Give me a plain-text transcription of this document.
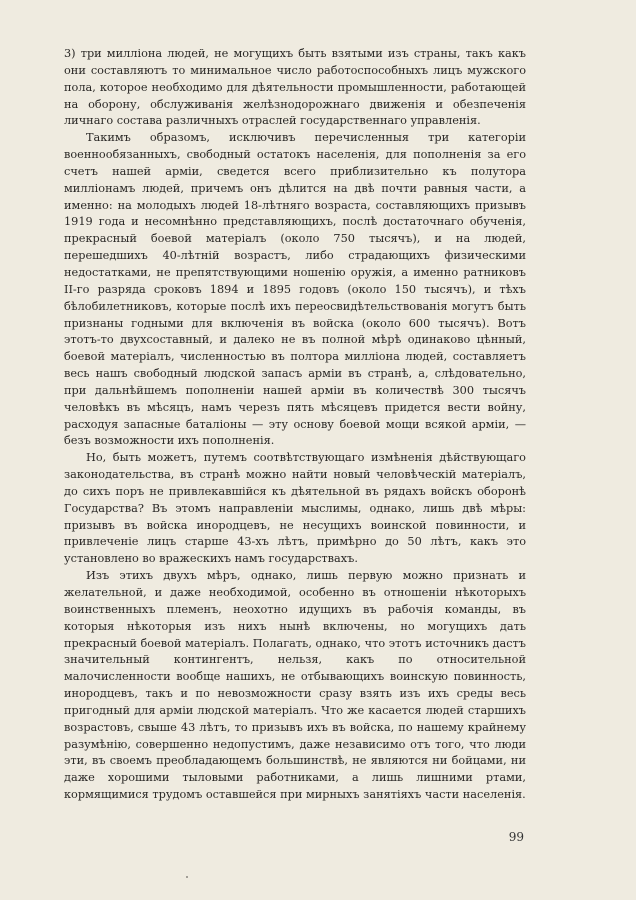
3) три милліона людей, не могущихъ быть взятыми изъ страны, такъ какъ они составляютъ то минимальное число работоспособныхъ лицъ мужского пола, которое необходимо для дѣятельности промышленности, работающей на оборону, обслуживанія желѣзнодорожнаго движенія и обезпеченія личнаго состава различныхъ отраслей государственнаго управленія.

Такимъ образомъ, исключивъ перечисленныя три категоріи военнообязанныхъ, свободный остатокъ населенія, для пополненія за его счетъ нашей арміи, сведется всего приблизительно къ полутора милліонамъ людей, причемъ онъ дѣлится на двѣ почти равныя части, а именно: на молодыхъ людей 18-лѣтняго возраста, составляющихъ призывъ 1919 года и несомнѣнно представляющихъ, послѣ достаточнаго обученія, прекрасный боевой матеріалъ (около 750 тысячъ), и на людей, перешедшихъ 40-лѣтній возрастъ, либо страдающихъ физическими недостатками, не препятствующими ношенію оружія, а именно ратниковъ II-го разряда сроковъ 1894 и 1895 годовъ (около 150 тысячъ), и тѣхъ бѣлобилетниковъ, которые послѣ ихъ переосвидѣтельствованія могутъ быть признаны годными для включенія въ войска (около 600 тысячъ). Вотъ этотъ-то двухсоставный, и далеко не въ полной мѣрѣ одинаково цѣнный, боевой матеріалъ, численностью въ полтора милліона людей, составляетъ весь нашъ свободный людской запасъ арміи въ странѣ, а, слѣдовательно, при дальнѣйшемъ пополненіи нашей арміи въ количествѣ 300 тысячъ человѣкъ въ мѣсяцъ, намъ черезъ пять мѣсяцевъ придется вести войну, расходуя запасные баталіоны — эту основу боевой мощи всякой арміи, — безъ возможности ихъ пополненія.

Но, быть можетъ, путемъ соотвѣтствующаго измѣненія дѣйствующаго законодательства, въ странѣ можно найти новый человѣческій матеріалъ, до сихъ поръ не привлекавшійся къ дѣятельной въ рядахъ войскъ оборонѣ Государства? Въ этомъ направленіи мыслимы, однако, лишь двѣ мѣры: призывъ въ войска инородцевъ, не несущихъ воинской повинности, и привлеченіе лицъ старше 43-хъ лѣтъ, примѣрно до 50 лѣтъ, какъ это установлено во вражескихъ намъ государствахъ.

Изъ этихъ двухъ мѣръ, однако, лишь первую можно признать и желательной, и даже необходимой, особенно въ отношеніи нѣкоторыхъ воинственныхъ племенъ, неохотно идущихъ въ рабочія команды, въ которыя нѣкоторыя изъ нихъ нынѣ включены, но могущихъ дать прекрасный боевой матеріалъ. Полагать, однако, что этотъ источникъ дастъ значительный контингентъ, нельзя, какъ по относительной малочисленности вообще нашихъ, не отбывающихъ воинскую повинность, инородцевъ, такъ и по невозможности сразу взять изъ ихъ среды весь пригодный для арміи людской матеріалъ. Что же касается людей старшихъ возрастовъ, свыше 43 лѣтъ, то призывъ ихъ въ войска, по нашему крайнему разумѣнію, совершенно недопустимъ, даже независимо отъ того, что люди эти, въ своемъ преобладающемъ большинствѣ, не являются ни бойцами, ни даже хорошими тыловыми работниками, а лишь лишними ртами, кормящимися трудомъ оставшейся при мирныхъ занятіяхъ части населенія.

99
